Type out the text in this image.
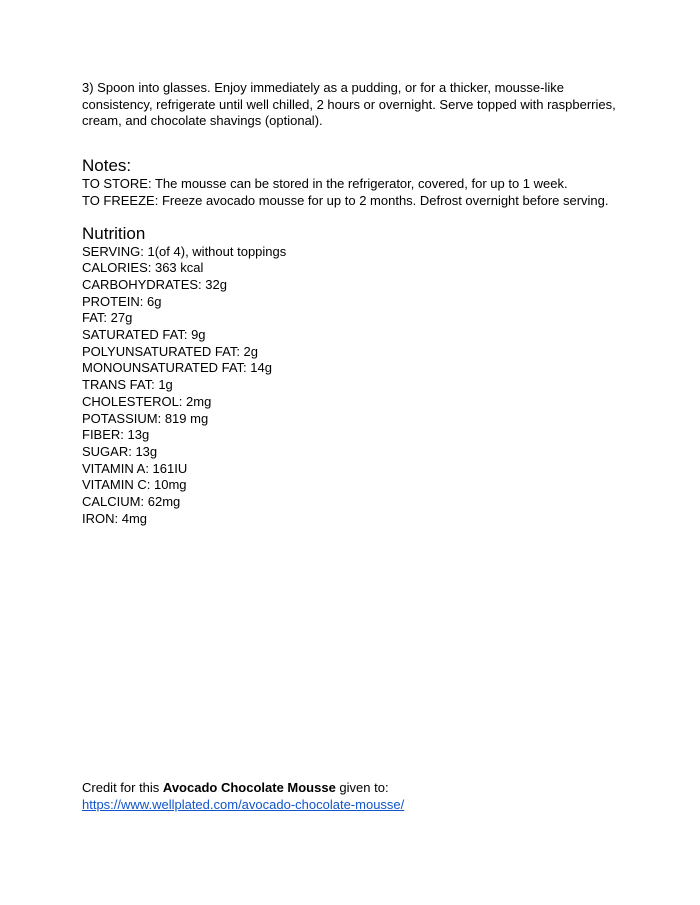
3) Spoon into glasses. Enjoy immediately as a pudding, or for a thicker, mousse-like

consistency, refrigerate until well chilled, 2 hours or overnight. Serve topped with raspberries,

cream, and chocolate shavings (optional).

Notes:

TO STORE: The mousse can be stored in the refrigerator, covered, for up to 1 week.

TO FREEZE: Freeze avocado mousse for up to 2 months. Defrost overnight before serving.

Nutrition
SERVING: 1(of 4), without toppings
CALORIES: 363 kcal
CARBOHYDRATES: 32g
PROTEIN: 6g
FAT: 27g
SATURATED FAT: 9g
POLYUNSATURATED FAT: 2g
MONOUNSATURATED FAT: 14g
TRANS FAT: 1g
CHOLESTEROL: 2mg
POTASSIUM: 819 mg
FIBER: 13g
SUGAR: 13g
VITAMIN A: 161IU
VITAMIN C: 10mg
CALCIUM: 62mg
IRON: 4mg

Credit for this Avocado Chocolate Mousse given to:

https://www.wellplated.com/avocado-chocolate-mousse/
